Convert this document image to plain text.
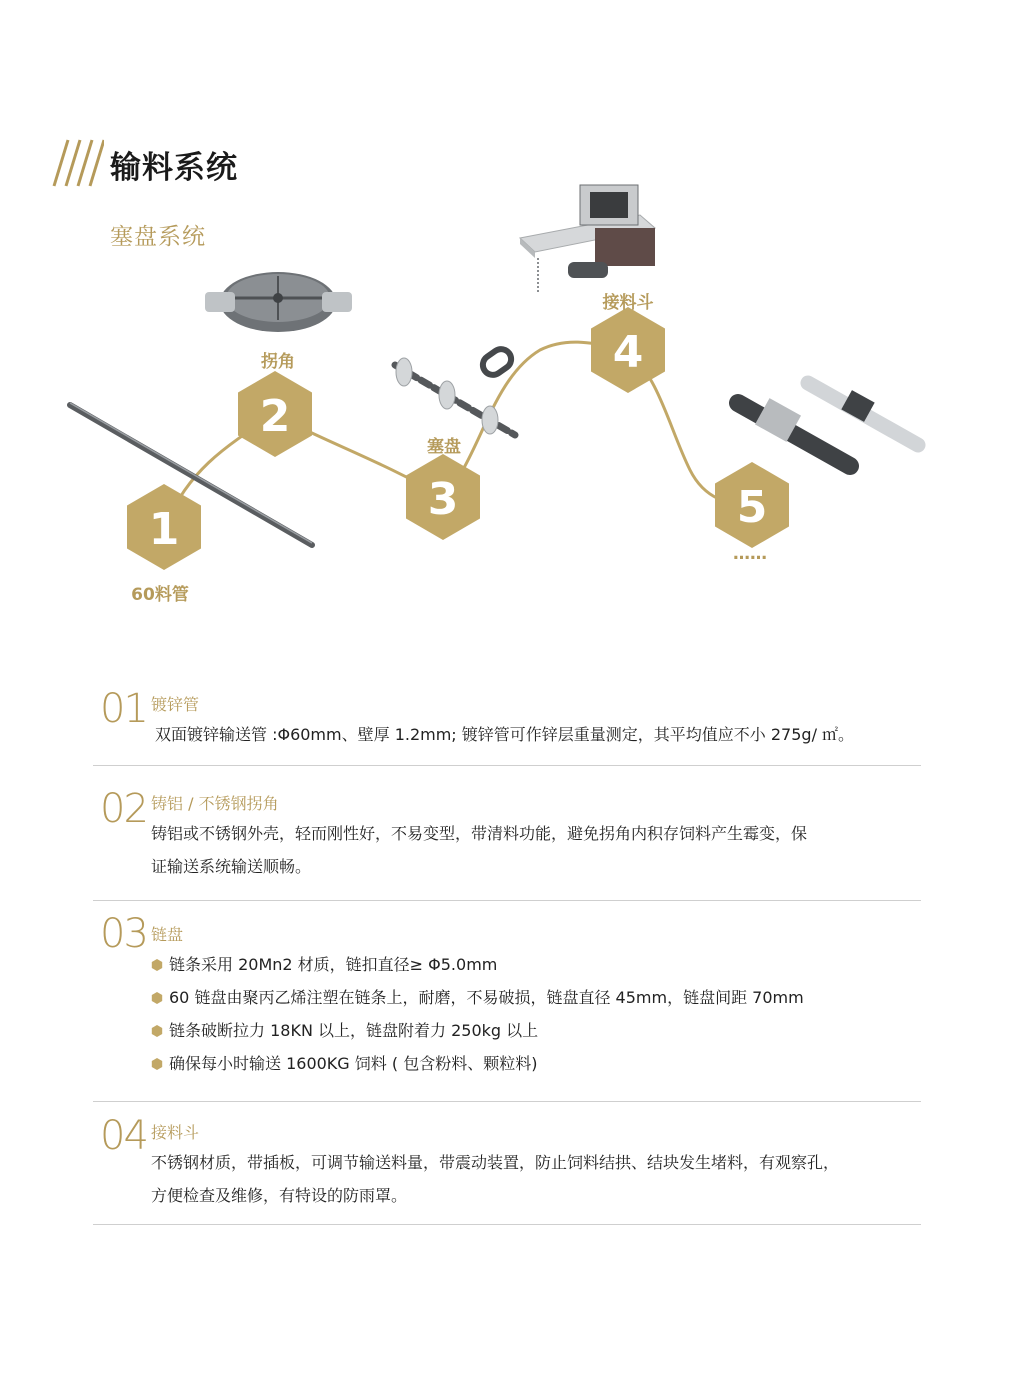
输料系统
塞盘系统
1
2
3
4
5
60料管
拐角
塞盘
接料斗
……
01 镀锌管
双面镀锌输送管 :Φ60mm、壁厚 1.2mm; 镀锌管可作锌层重量测定，其平均值应不小 275g/ ㎡。
02 铸铝 / 不锈钢拐角
铸铝或不锈钢外壳，轻而刚性好，不易变型，带清料功能，避免拐角内积存饲料产生霉变，保
证输送系统输送顺畅。
03 链盘
链条采用 20Mn2 材质，链扣直径≥ Φ5.0mm
60 链盘由聚丙乙烯注塑在链条上，耐磨，不易破损，链盘直径 45mm，链盘间距 70mm
链条破断拉力 18KN 以上，链盘附着力 250kg 以上
确保每小时输送 1600KG 饲料 ( 包含粉料、颗粒料)
04 接料斗
不锈钢材质，带插板，可调节输送料量，带震动装置，防止饲料结拱、结块发生堵料，有观察孔，
方便检查及维修，有特设的防雨罩。
